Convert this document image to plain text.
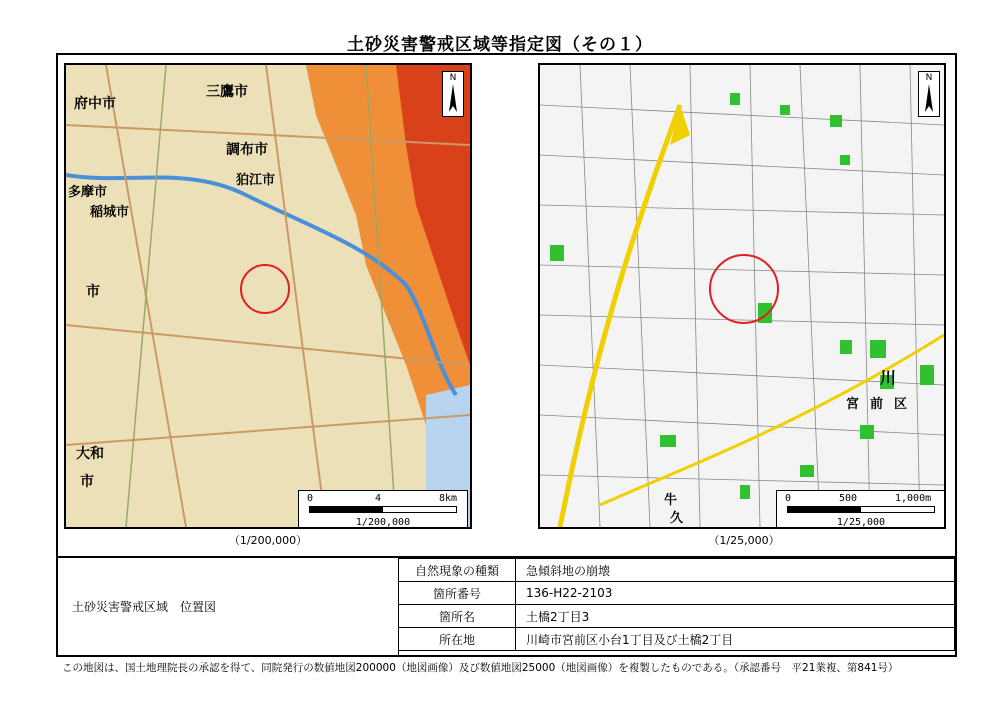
土砂災害警戒区域等指定図（その１）
府中市
三鷹市
調布市
狛江市
多摩市
稲城市
市
大和
市
N
0	4	8km
1/200,000
（1/200,000）
川
宮 前 区
牛
久
N
0	500	1,000m
1/25,000
（1/25,000）
土砂災害警戒区域　位置図
自然現象の種類	急傾斜地の崩壊
箇所番号	136-H22-2103
箇所名	土橋2丁目3
所在地	川崎市宮前区小台1丁目及び土橋2丁目
この地図は、国土地理院長の承認を得て、同院発行の数値地図200000（地図画像）及び数値地図25000（地図画像）を複製したものである。（承認番号　平21業複、第841号）
